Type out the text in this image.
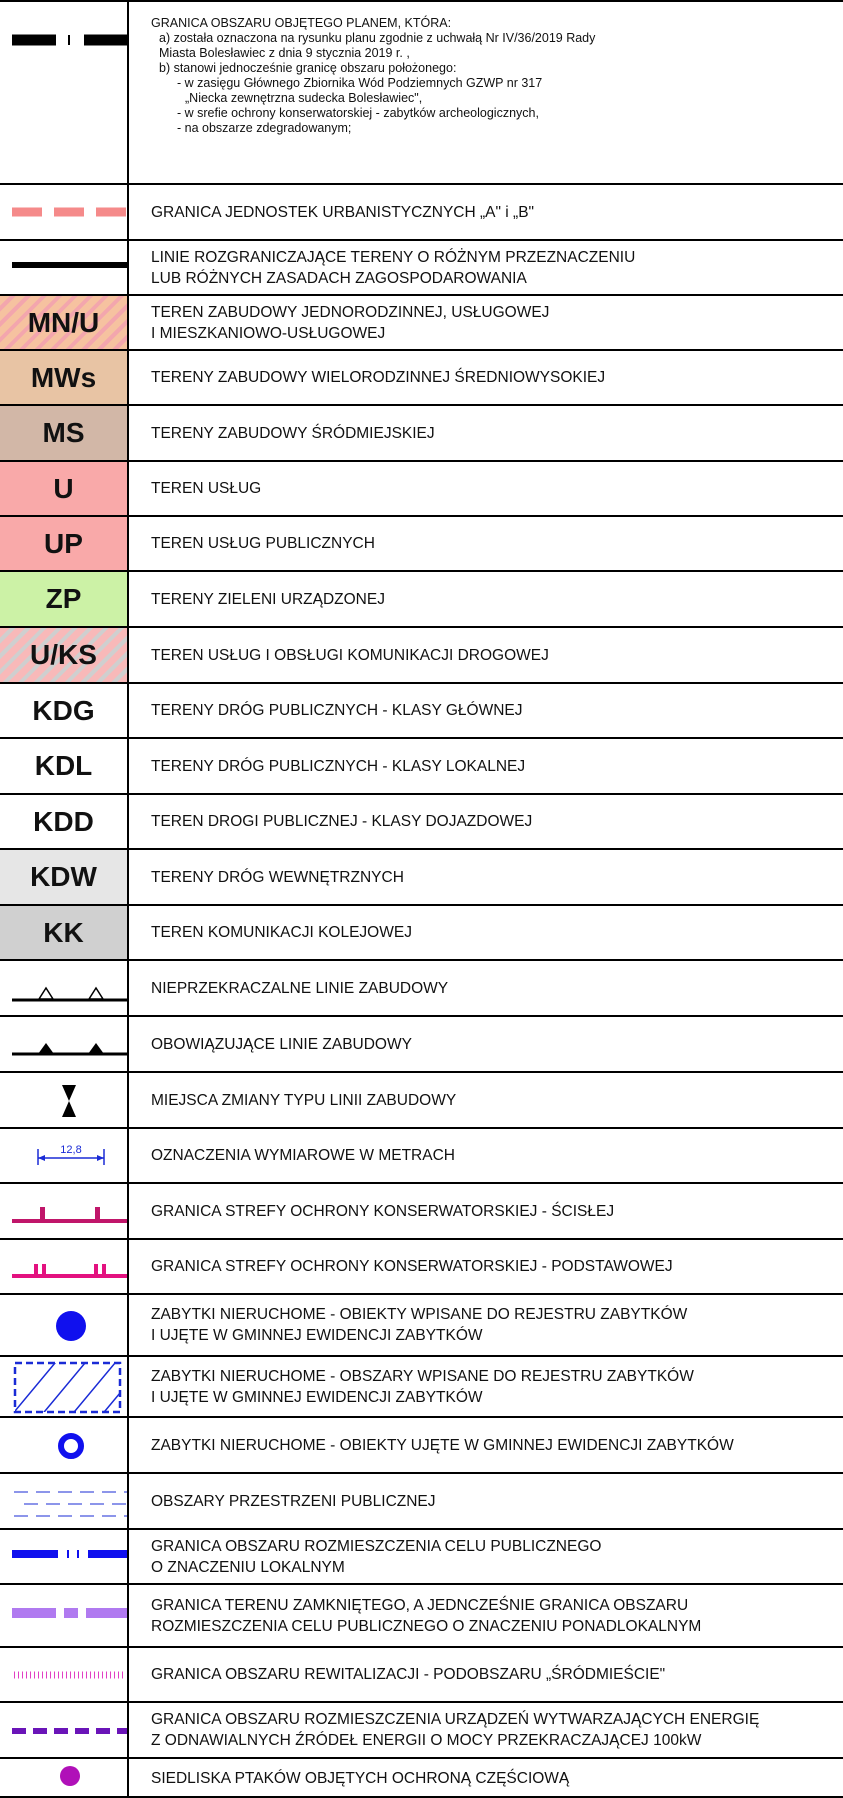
GRANICA OBSZARU OBJĘTEGO PLANEM, KTÓRA:
a) została oznaczona na rysunku planu zgodnie z uchwałą Nr IV/36/2019 Rady
Miasta Bolesławiec z dnia 9 stycznia 2019 r. ,
b) stanowi jednocześnie granicę obszaru położonego:
- w zasięgu Głównego Zbiornika Wód Podziemnych GZWP nr 317
„Niecka zewnętrzna sudecka Bolesławiec",
- w srefie ochrony konserwatorskiej - zabytków archeologicznych,
- na obszarze zdegradowanym;
GRANICA JEDNOSTEK URBANISTYCZNYCH „A" i „B"
LINIE ROZGRANICZAJĄCE TERENY O RÓŻNYM PRZEZNACZENIU
LUB RÓŻNYCH ZASADACH ZAGOSPODAROWANIA
MN/U	TEREN ZABUDOWY JEDNORODZINNEJ, USŁUGOWEJ
I MIESZKANIOWO-USŁUGOWEJ
MWs	TERENY ZABUDOWY WIELORODZINNEJ ŚREDNIOWYSOKIEJ
MS	TERENY ZABUDOWY ŚRÓDMIEJSKIEJ
U	TEREN USŁUG
UP	TEREN USŁUG PUBLICZNYCH
ZP	TERENY ZIELENI URZĄDZONEJ
U/KS	TEREN USŁUG I OBSŁUGI KOMUNIKACJI DROGOWEJ
KDG	TERENY DRÓG PUBLICZNYCH - KLASY GŁÓWNEJ
KDL	TERENY DRÓG PUBLICZNYCH - KLASY LOKALNEJ
KDD	TEREN DROGI PUBLICZNEJ - KLASY DOJAZDOWEJ
KDW	TERENY DRÓG WEWNĘTRZNYCH
KK	TEREN KOMUNIKACJI KOLEJOWEJ
NIEPRZEKRACZALNE LINIE ZABUDOWY
OBOWIĄZUJĄCE LINIE ZABUDOWY
MIEJSCA ZMIANY TYPU LINII ZABUDOWY
12,8	OZNACZENIA WYMIAROWE W METRACH
GRANICA STREFY OCHRONY KONSERWATORSKIEJ - ŚCISŁEJ
GRANICA STREFY OCHRONY KONSERWATORSKIEJ - PODSTAWOWEJ
ZABYTKI NIERUCHOME - OBIEKTY WPISANE DO REJESTRU ZABYTKÓW
I UJĘTE W GMINNEJ EWIDENCJI ZABYTKÓW
ZABYTKI NIERUCHOME - OBSZARY WPISANE DO REJESTRU ZABYTKÓW
I UJĘTE W GMINNEJ EWIDENCJI ZABYTKÓW
ZABYTKI NIERUCHOME - OBIEKTY UJĘTE W GMINNEJ EWIDENCJI ZABYTKÓW
OBSZARY PRZESTRZENI PUBLICZNEJ
GRANICA OBSZARU ROZMIESZCZENIA CELU PUBLICZNEGO
O ZNACZENIU LOKALNYM
GRANICA TERENU ZAMKNIĘTEGO, A JEDNCZEŚNIE GRANICA OBSZARU
ROZMIESZCZENIA CELU PUBLICZNEGO O ZNACZENIU PONADLOKALNYM
GRANICA OBSZARU REWITALIZACJI - PODOBSZARU „ŚRÓDMIEŚCIE"
GRANICA OBSZARU ROZMIESZCZENIA URZĄDZEŃ WYTWARZAJĄCYCH ENERGIĘ
Z ODNAWIALNYCH ŹRÓDEŁ ENERGII O MOCY PRZEKRACZAJĄCEJ 100kW
SIEDLISKA PTAKÓW OBJĘTYCH OCHRONĄ CZĘŚCIOWĄ
